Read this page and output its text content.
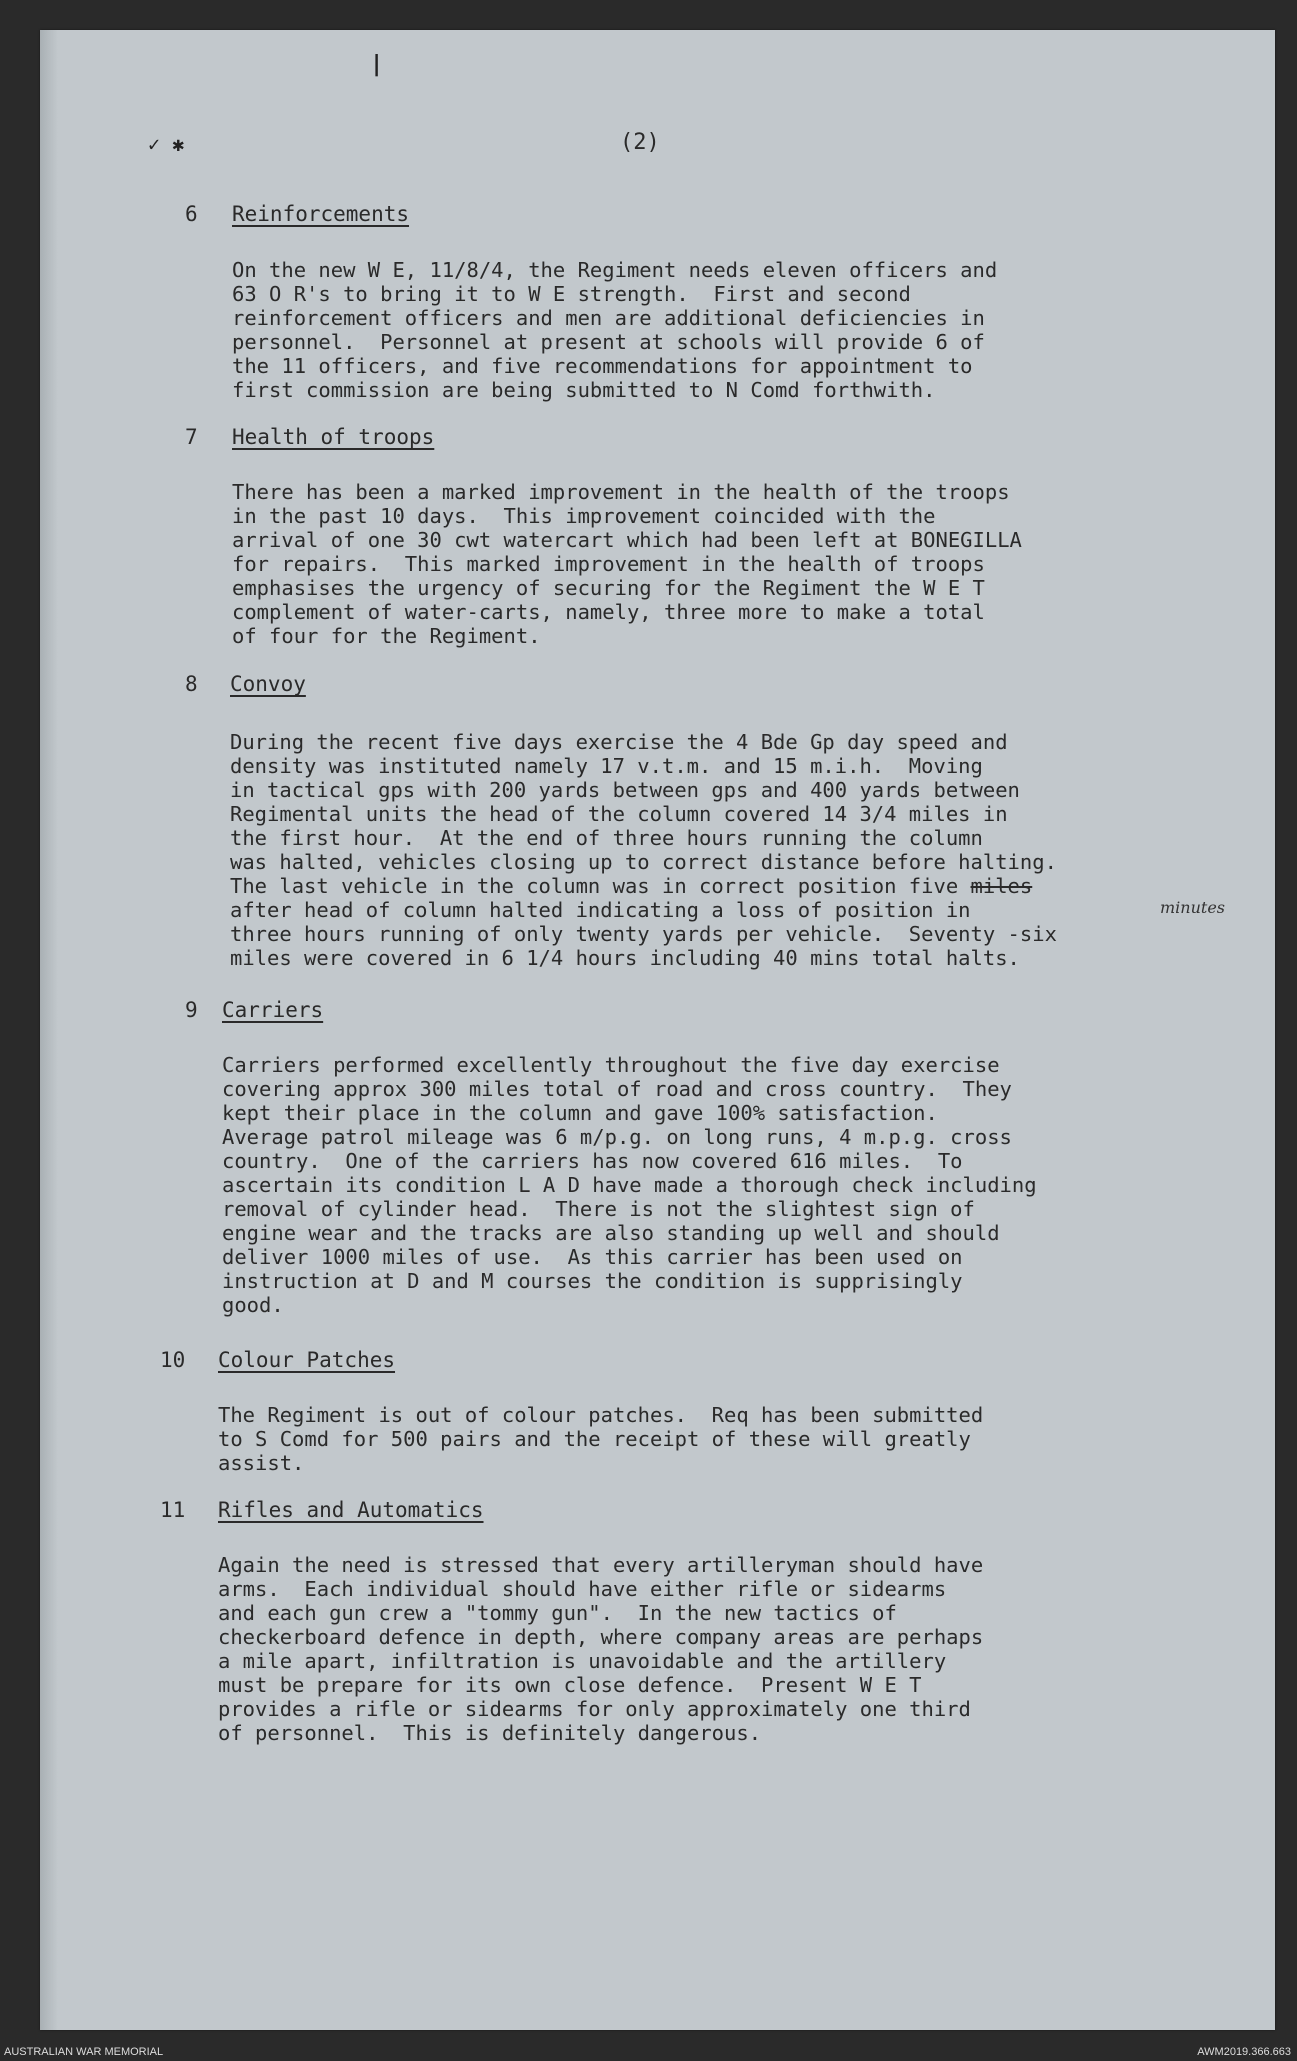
|
✓ ✱	(2)
6 Reinforcements
On the new W E, 11/8/4, the Regiment needs eleven officers and
63 O R's to bring it to W E strength.  First and second
reinforcement officers and men are additional deficiencies in
personnel.  Personnel at present at schools will provide 6 of
the 11 officers, and five recommendations for appointment to
first commission are being submitted to N Comd forthwith.
7 Health of troops
There has been a marked improvement in the health of the troops
in the past 10 days.  This improvement coincided with the
arrival of one 30 cwt watercart which had been left at BONEGILLA
for repairs.  This marked improvement in the health of troops
emphasises the urgency of securing for the Regiment the W E T
complement of water-carts, namely, three more to make a total
of four for the Regiment.
8 Convoy
During the recent five days exercise the 4 Bde Gp day speed and
density was instituted namely 17 v.t.m. and 15 m.i.h.  Moving
in tactical gps with 200 yards between gps and 400 yards between
Regimental units the head of the column covered 14 3/4 miles in
the first hour.  At the end of three hours running the column
was halted, vehicles closing up to correct distance before halting.
The last vehicle in the column was in correct position five miles
after head of column halted indicating a loss of position in
three hours running of only twenty yards per vehicle.  Seventy -six
miles were covered in 6 1/4 hours including 40 mins total halts.
minutes
9 Carriers
Carriers performed excellently throughout the five day exercise
covering approx 300 miles total of road and cross country.  They
kept their place in the column and gave 100% satisfaction.
Average patrol mileage was 6 m/p.g. on long runs, 4 m.p.g. cross
country.  One of the carriers has now covered 616 miles.  To
ascertain its condition L A D have made a thorough check including
removal of cylinder head.  There is not the slightest sign of
engine wear and the tracks are also standing up well and should
deliver 1000 miles of use.  As this carrier has been used on
instruction at D and M courses the condition is supprisingly
good.
10 Colour Patches
The Regiment is out of colour patches.  Req has been submitted
to S Comd for 500 pairs and the receipt of these will greatly
assist.
11 Rifles and Automatics
Again the need is stressed that every artilleryman should have
arms.  Each individual should have either rifle or sidearms
and each gun crew a "tommy gun".  In the new tactics of
checkerboard defence in depth, where company areas are perhaps
a mile apart, infiltration is unavoidable and the artillery
must be prepare for its own close defence.  Present W E T
provides a rifle or sidearms for only approximately one third
of personnel.  This is definitely dangerous.
AUSTRALIAN WAR MEMORIAL	AWM2019.366.663
